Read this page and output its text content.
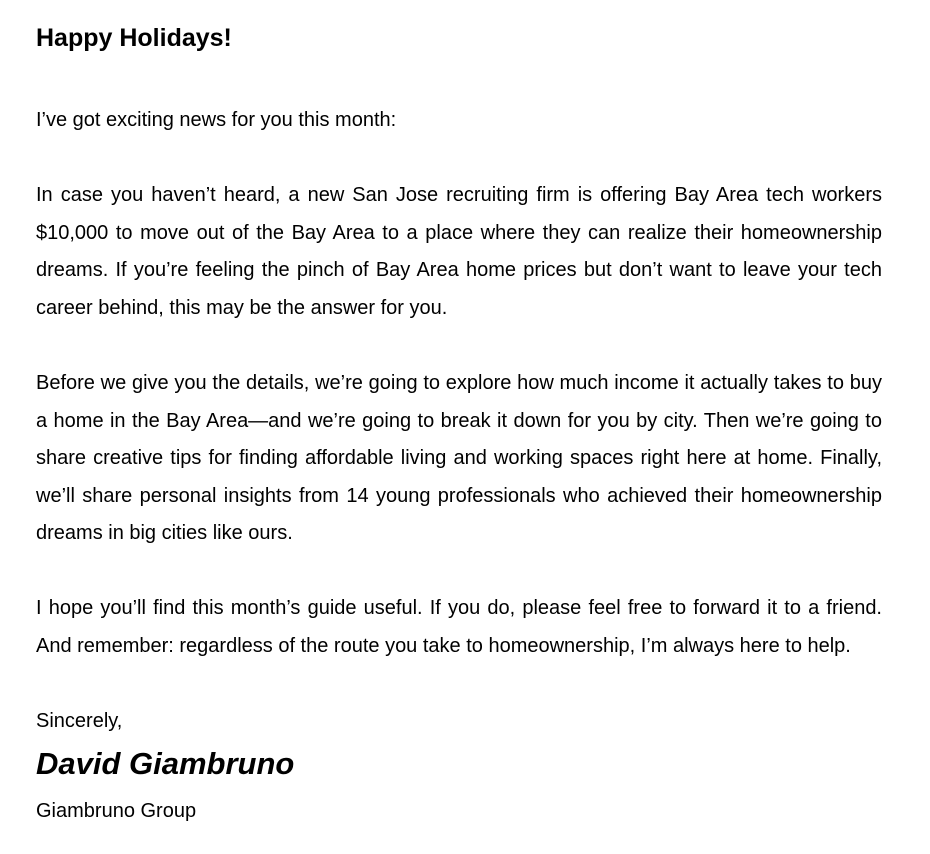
Happy Holidays!

I’ve got exciting news for you this month:

In case you haven’t heard, a new San Jose recruiting firm is offering Bay Area tech workers $10,000 to move out of the Bay Area to a place where they can realize their homeownership dreams. If you’re feeling the pinch of Bay Area home prices but don’t want to leave your tech career behind, this may be the answer for you.

Before we give you the details, we’re going to explore how much income it actually takes to buy a home in the Bay Area—and we’re going to break it down for you by city. Then we’re going to share creative tips for finding affordable living and working spaces right here at home. Finally, we’ll share personal insights from 14 young professionals who achieved their homeownership dreams in big cities like ours.

I hope you’ll find this month’s guide useful. If you do, please feel free to forward it to a friend. And remember: regardless of the route you take to homeownership, I’m always here to help.

Sincerely,

David Giambruno

Giambruno Group
